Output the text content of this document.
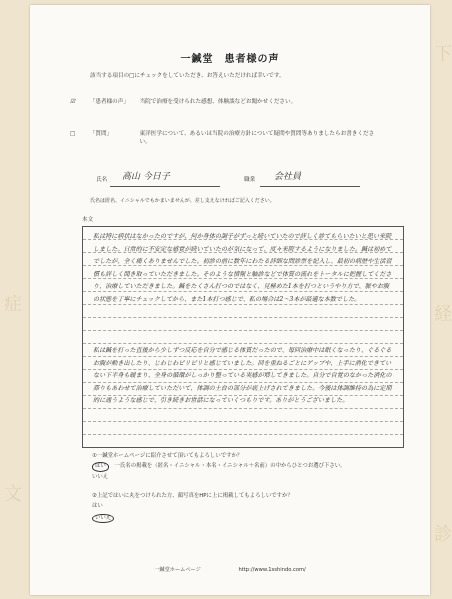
症
文
下
経
診
一鍼堂　患者様の声
該当する項目の□にチェックをしていただき、お答えいただければ幸いです。
☑	「患者様の声」 当院で治療を受けられた感想、体験談などお聞かせください。
□	「質問」	東洋医学について、あるいは当院の治療方針について疑問や質問等ありましたらお書きください。
氏名 高山 今日子	職業 会社員
氏名は匿名、イニシャルでもかまいませんが、差し支えなければご記入ください。
本文
私は特に病状はなかったのですが、何か身体の調子がずっと続いていたので詳しく診てもらいたいと思い来院しました。日常的に不安定な感覚が続いていたのが気になって、度々来院するようになりました。鍼は初めてでしたが、全く痛くありませんでした。初診の前に数年にわたる詳細な問診票を記入し、最初の病歴や生活習慣も詳しく聞き取っていただきました。そのような情報と触診などで体質の流れをトータルに把握してくださり、治療していただきました。鍼をたくさん打つのではなく、見極めた1本を打つというやり方で、脈やお腹の状態を丁寧にチェックしてから、また1本打つ感じで、私の場合は2～3本が最適な本数でした。
私は鍼を打った直後から少しずつ反応を自分で感じる体質だったので、毎回治療中は眠くなったり、ぐるぐるお腹が動き出したり、じわじわピリピリと感じていました。回を重ねるごとにゲップや、上手に消化できていない下半身も暖まり、全身の循環がしっかり整っている実感が増してきました。自分で自覚のなかった消化の滞りもあわせて治療していただいて、体調の土台の部分が底上げされてきました。今後は体調維持の為に定期的に通うような感じで、引き続きお世話になっていくつもりです。ありがとうございました。
①一鍼堂ホームページに紹介させて頂いてもよろしいですか？
はい 一氏名の掲載を（匿名・イニシャル・本名・イニシャル＋名前）の中からひとつお選び下さい。
いいえ
②上記ではいに丸をつけられた方、顔写真をHPに上に掲載してもよろしいですか？
はい
いいえ
一鍼堂ホームページ	http://www.1sshindo.com/
